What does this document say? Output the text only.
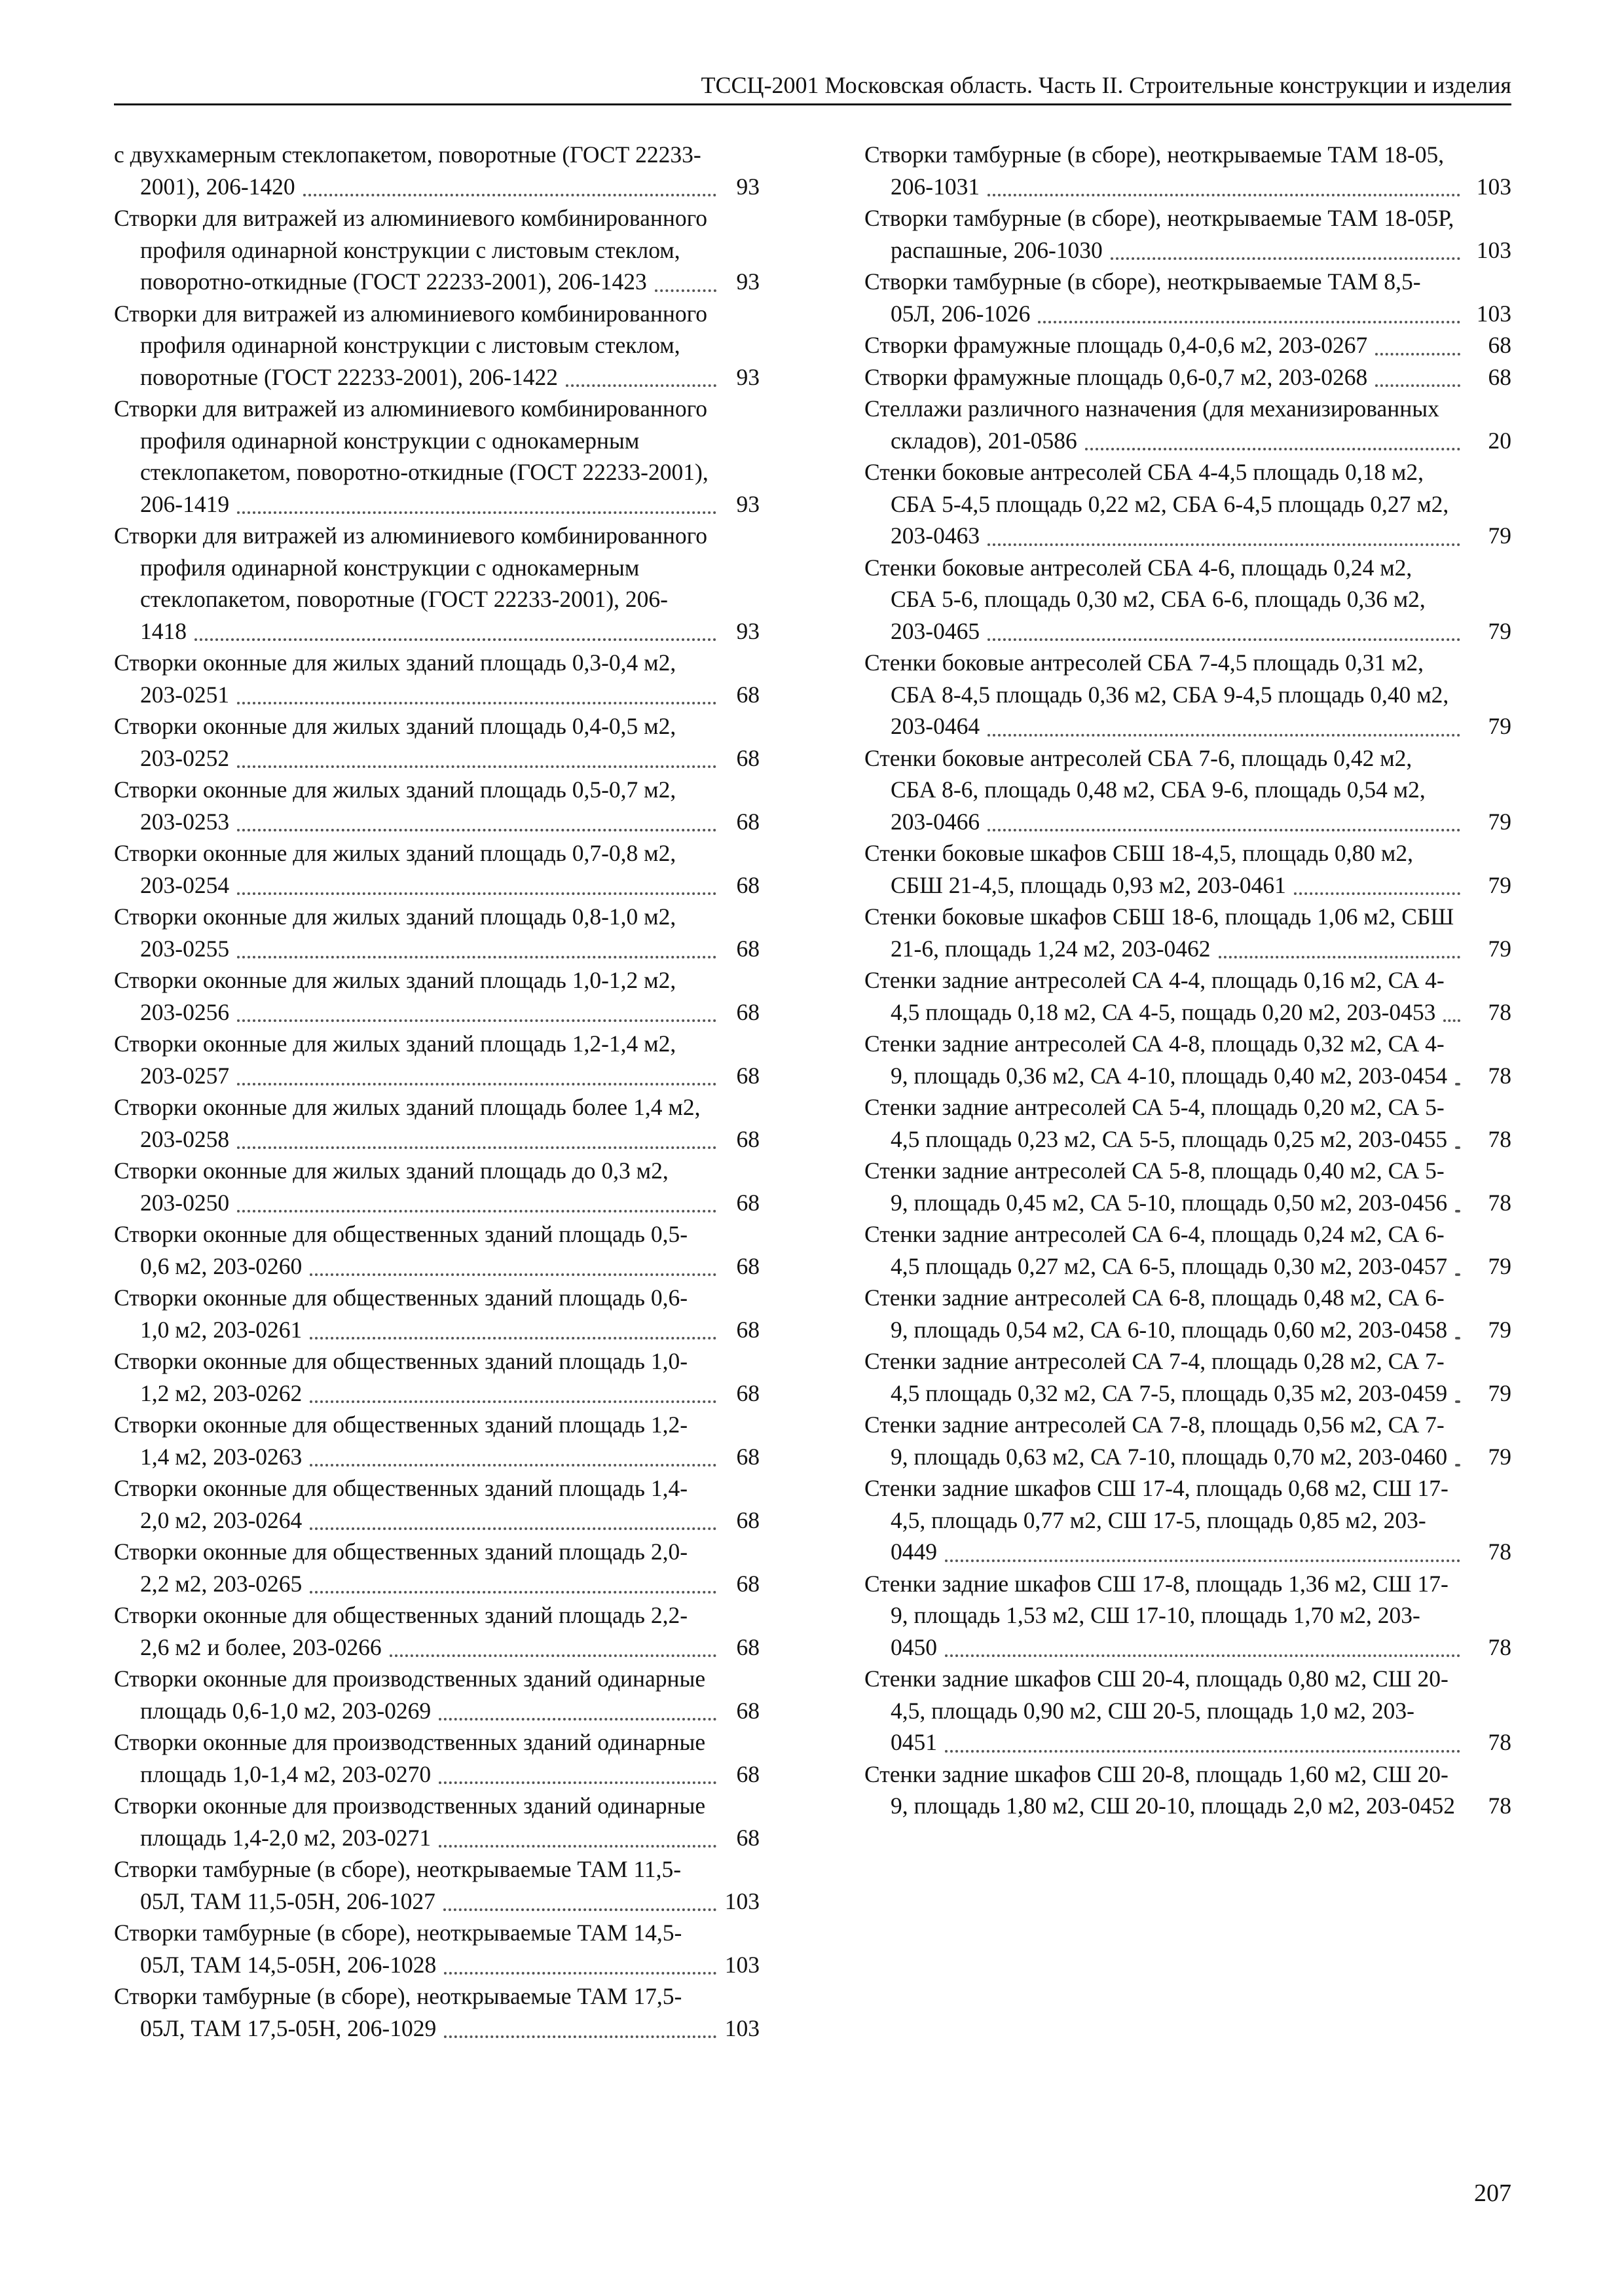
ТССЦ-2001 Московская область. Часть II. Строительные конструкции и изделия
с двухкамерным стеклопакетом, поворотные (ГОСТ 22233-2001), 206-1420	93
Створки для витражей из алюминиевого комбинированного профиля одинарной конструкции с листовым стеклом, поворотно-откидные (ГОСТ 22233-2001), 206-1423	93
Створки для витражей из алюминиевого комбинированного профиля одинарной конструкции с листовым стеклом, поворотные (ГОСТ 22233-2001), 206-1422	93
Створки для витражей из алюминиевого комбинированного профиля одинарной конструкции с однокамерным стеклопакетом, поворотно-откидные (ГОСТ 22233-2001), 206-1419	93
Створки для витражей из алюминиевого комбинированного профиля одинарной конструкции с однокамерным стеклопакетом, поворотные (ГОСТ 22233-2001), 206-1418	93
Створки оконные для жилых зданий площадь 0,3-0,4 м2, 203-0251	68
Створки оконные для жилых зданий площадь 0,4-0,5 м2, 203-0252	68
Створки оконные для жилых зданий площадь 0,5-0,7 м2, 203-0253	68
Створки оконные для жилых зданий площадь 0,7-0,8 м2, 203-0254	68
Створки оконные для жилых зданий площадь 0,8-1,0 м2, 203-0255	68
Створки оконные для жилых зданий площадь 1,0-1,2 м2, 203-0256	68
Створки оконные для жилых зданий площадь 1,2-1,4 м2, 203-0257	68
Створки оконные для жилых зданий площадь более 1,4 м2, 203-0258	68
Створки оконные для жилых зданий площадь до 0,3 м2, 203-0250	68
Створки оконные для общественных зданий площадь 0,5-0,6 м2, 203-0260	68
Створки оконные для общественных зданий площадь 0,6-1,0 м2, 203-0261	68
Створки оконные для общественных зданий площадь 1,0-1,2 м2, 203-0262	68
Створки оконные для общественных зданий площадь 1,2-1,4 м2, 203-0263	68
Створки оконные для общественных зданий площадь 1,4-2,0 м2, 203-0264	68
Створки оконные для общественных зданий площадь 2,0-2,2 м2, 203-0265	68
Створки оконные для общественных зданий площадь 2,2-2,6 м2 и более, 203-0266	68
Створки оконные для производственных зданий одинарные площадь 0,6-1,0 м2, 203-0269	68
Створки оконные для производственных зданий одинарные площадь 1,0-1,4 м2, 203-0270	68
Створки оконные для производственных зданий одинарные площадь 1,4-2,0 м2, 203-0271	68
Створки тамбурные (в сборе), неоткрываемые ТАМ 11,5-05Л, ТАМ 11,5-05Н, 206-1027	103
Створки тамбурные (в сборе), неоткрываемые ТАМ 14,5-05Л, ТАМ 14,5-05Н, 206-1028	103
Створки тамбурные (в сборе), неоткрываемые ТАМ 17,5-05Л, ТАМ 17,5-05Н, 206-1029	103
Створки тамбурные (в сборе), неоткрываемые ТАМ 18-05, 206-1031	103
Створки тамбурные (в сборе), неоткрываемые ТАМ 18-05Р, распашные, 206-1030	103
Створки тамбурные (в сборе), неоткрываемые ТАМ 8,5-05Л, 206-1026	103
Створки фрамужные площадь 0,4-0,6 м2, 203-0267	68
Створки фрамужные площадь 0,6-0,7 м2, 203-0268	68
Стеллажи различного назначения (для механизированных складов), 201-0586	20
Стенки боковые антресолей СБА 4-4,5 площадь 0,18 м2, СБА 5-4,5 площадь 0,22 м2, СБА 6-4,5 площадь 0,27 м2, 203-0463	79
Стенки боковые антресолей СБА 4-6, площадь 0,24 м2, СБА 5-6, площадь 0,30 м2, СБА 6-6, площадь 0,36 м2, 203-0465	79
Стенки боковые антресолей СБА 7-4,5 площадь 0,31 м2, СБА 8-4,5 площадь 0,36 м2, СБА 9-4,5 площадь 0,40 м2, 203-0464	79
Стенки боковые антресолей СБА 7-6, площадь 0,42 м2, СБА 8-6, площадь 0,48 м2, СБА 9-6, площадь 0,54 м2, 203-0466	79
Стенки боковые шкафов СБШ 18-4,5, площадь 0,80 м2, СБШ 21-4,5, площадь 0,93 м2, 203-0461	79
Стенки боковые шкафов СБШ 18-6, площадь 1,06 м2, СБШ 21-6, площадь 1,24 м2, 203-0462	79
Стенки задние антресолей СА 4-4, площадь 0,16 м2, СА 4-4,5 площадь 0,18 м2, СА 4-5, пощадь 0,20 м2, 203-0453 78
Стенки задние антресолей СА 4-8, площадь 0,32 м2, СА 4-9, площадь 0,36 м2, СА 4-10, площадь 0,40 м2, 203-0454 78
Стенки задние антресолей СА 5-4, площадь 0,20 м2, СА 5-4,5 площадь 0,23 м2, СА 5-5, площадь 0,25 м2, 203-0455 78
Стенки задние антресолей СА 5-8, площадь 0,40 м2, СА 5-9, площадь 0,45 м2, СА 5-10, площадь 0,50 м2, 203-0456 78
Стенки задние антресолей СА 6-4, площадь 0,24 м2, СА 6-4,5 площадь 0,27 м2, СА 6-5, площадь 0,30 м2, 203-0457 79
Стенки задние антресолей СА 6-8, площадь 0,48 м2, СА 6-9, площадь 0,54 м2, СА 6-10, площадь 0,60 м2, 203-0458 79
Стенки задние антресолей СА 7-4, площадь 0,28 м2, СА 7-4,5 площадь 0,32 м2, СА 7-5, площадь 0,35 м2, 203-0459 79
Стенки задние антресолей СА 7-8, площадь 0,56 м2, СА 7-9, площадь 0,63 м2, СА 7-10, площадь 0,70 м2, 203-0460 79
Стенки задние шкафов СШ 17-4, площадь 0,68 м2, СШ 17-4,5, площадь 0,77 м2, СШ 17-5, площадь 0,85 м2, 203-0449	78
Стенки задние шкафов СШ 17-8, площадь 1,36 м2, СШ 17-9, площадь 1,53 м2, СШ 17-10, площадь 1,70 м2, 203-0450	78
Стенки задние шкафов СШ 20-4, площадь 0,80 м2, СШ 20-4,5, площадь 0,90 м2, СШ 20-5, площадь 1,0 м2, 203-0451	78
Стенки задние шкафов СШ 20-8, площадь 1,60 м2, СШ 20-9, площадь 1,80 м2, СШ 20-10, площадь 2,0 м2, 203-0452 78
207
